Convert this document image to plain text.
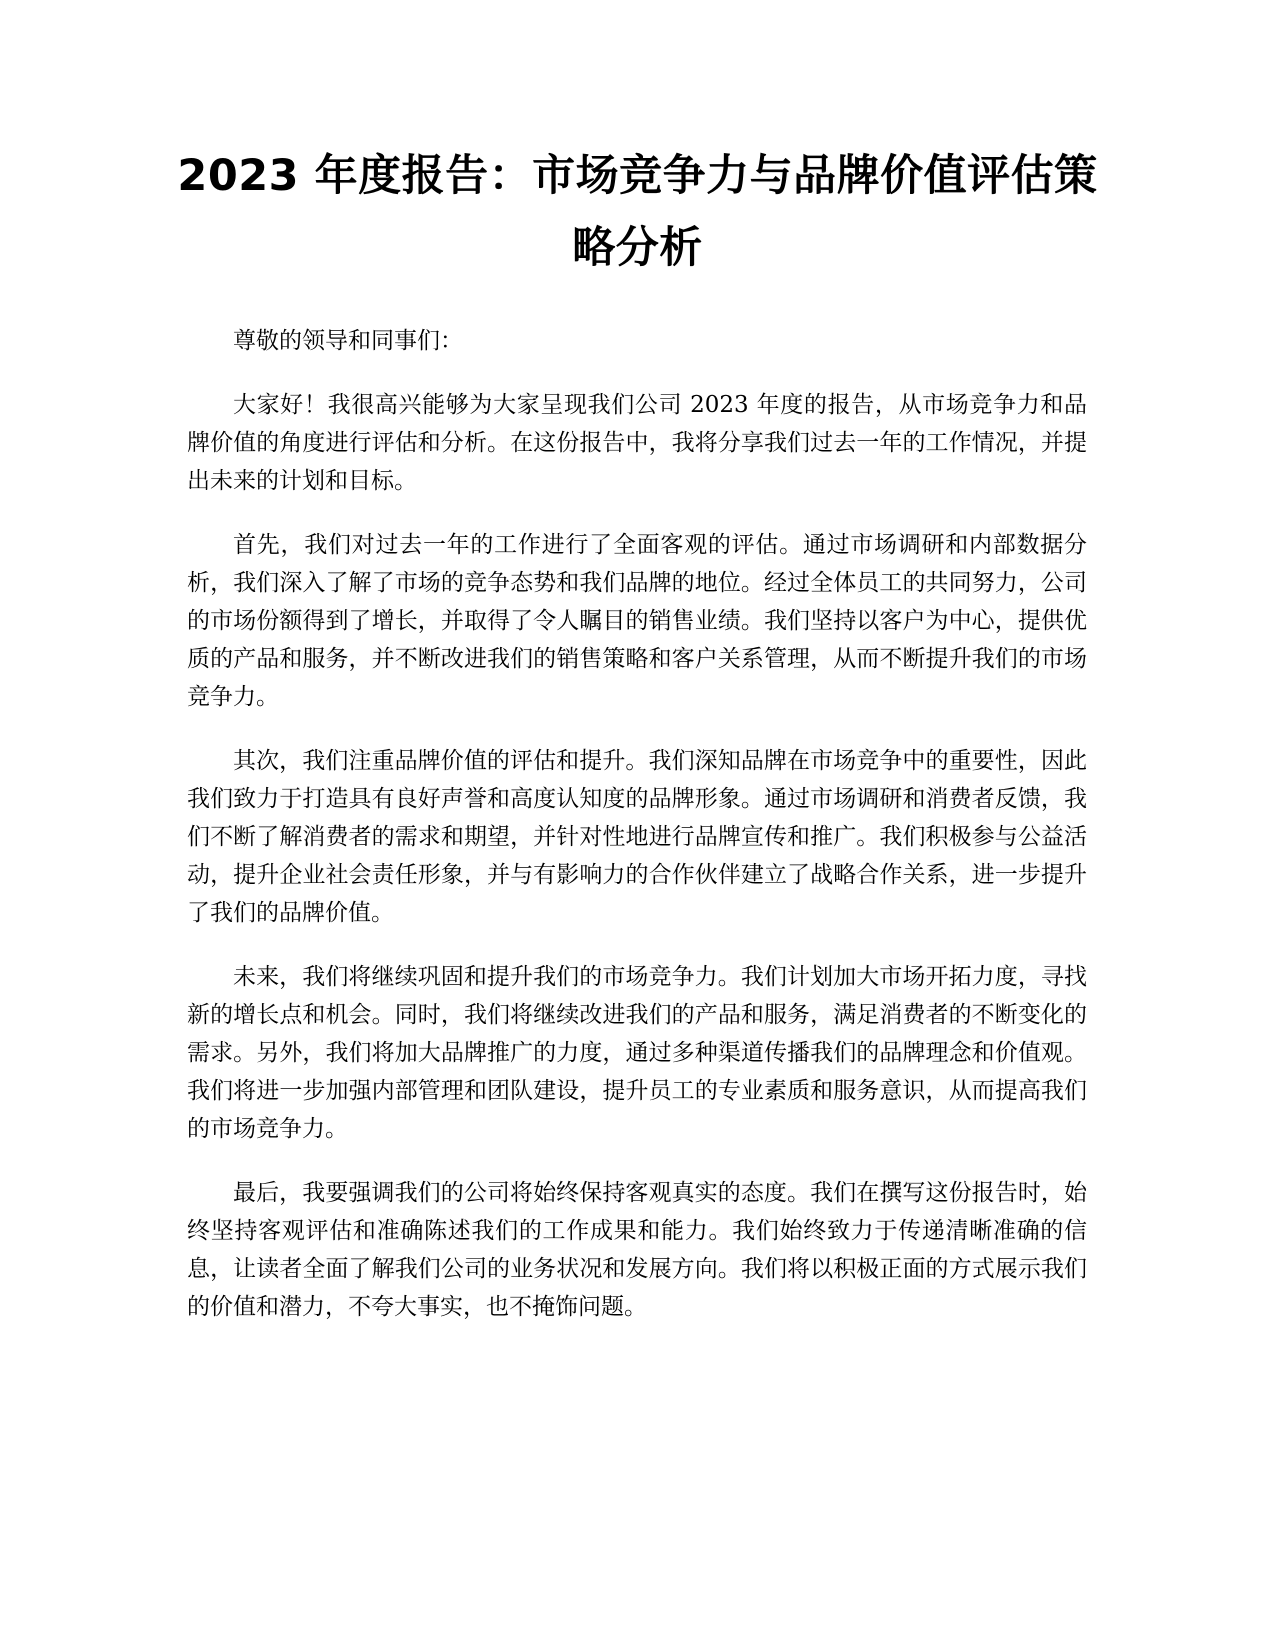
2023 年度报告：市场竞争力与品牌价值评估策略分析

尊敬的领导和同事们：

大家好！我很高兴能够为大家呈现我们公司 2023 年度的报告，从市场竞争力和品牌价值的角度进行评估和分析。在这份报告中，我将分享我们过去一年的工作情况，并提出未来的计划和目标。

首先，我们对过去一年的工作进行了全面客观的评估。通过市场调研和内部数据分析，我们深入了解了市场的竞争态势和我们品牌的地位。经过全体员工的共同努力，公司的市场份额得到了增长，并取得了令人瞩目的销售业绩。我们坚持以客户为中心，提供优质的产品和服务，并不断改进我们的销售策略和客户关系管理，从而不断提升我们的市场竞争力。

其次，我们注重品牌价值的评估和提升。我们深知品牌在市场竞争中的重要性，因此我们致力于打造具有良好声誉和高度认知度的品牌形象。通过市场调研和消费者反馈，我们不断了解消费者的需求和期望，并针对性地进行品牌宣传和推广。我们积极参与公益活动，提升企业社会责任形象，并与有影响力的合作伙伴建立了战略合作关系，进一步提升了我们的品牌价值。

未来，我们将继续巩固和提升我们的市场竞争力。我们计划加大市场开拓力度，寻找新的增长点和机会。同时，我们将继续改进我们的产品和服务，满足消费者的不断变化的需求。另外，我们将加大品牌推广的力度，通过多种渠道传播我们的品牌理念和价值观。我们将进一步加强内部管理和团队建设，提升员工的专业素质和服务意识，从而提高我们的市场竞争力。

最后，我要强调我们的公司将始终保持客观真实的态度。我们在撰写这份报告时，始终坚持客观评估和准确陈述我们的工作成果和能力。我们始终致力于传递清晰准确的信息，让读者全面了解我们公司的业务状况和发展方向。我们将以积极正面的方式展示我们的价值和潜力，不夸大事实，也不掩饰问题。
